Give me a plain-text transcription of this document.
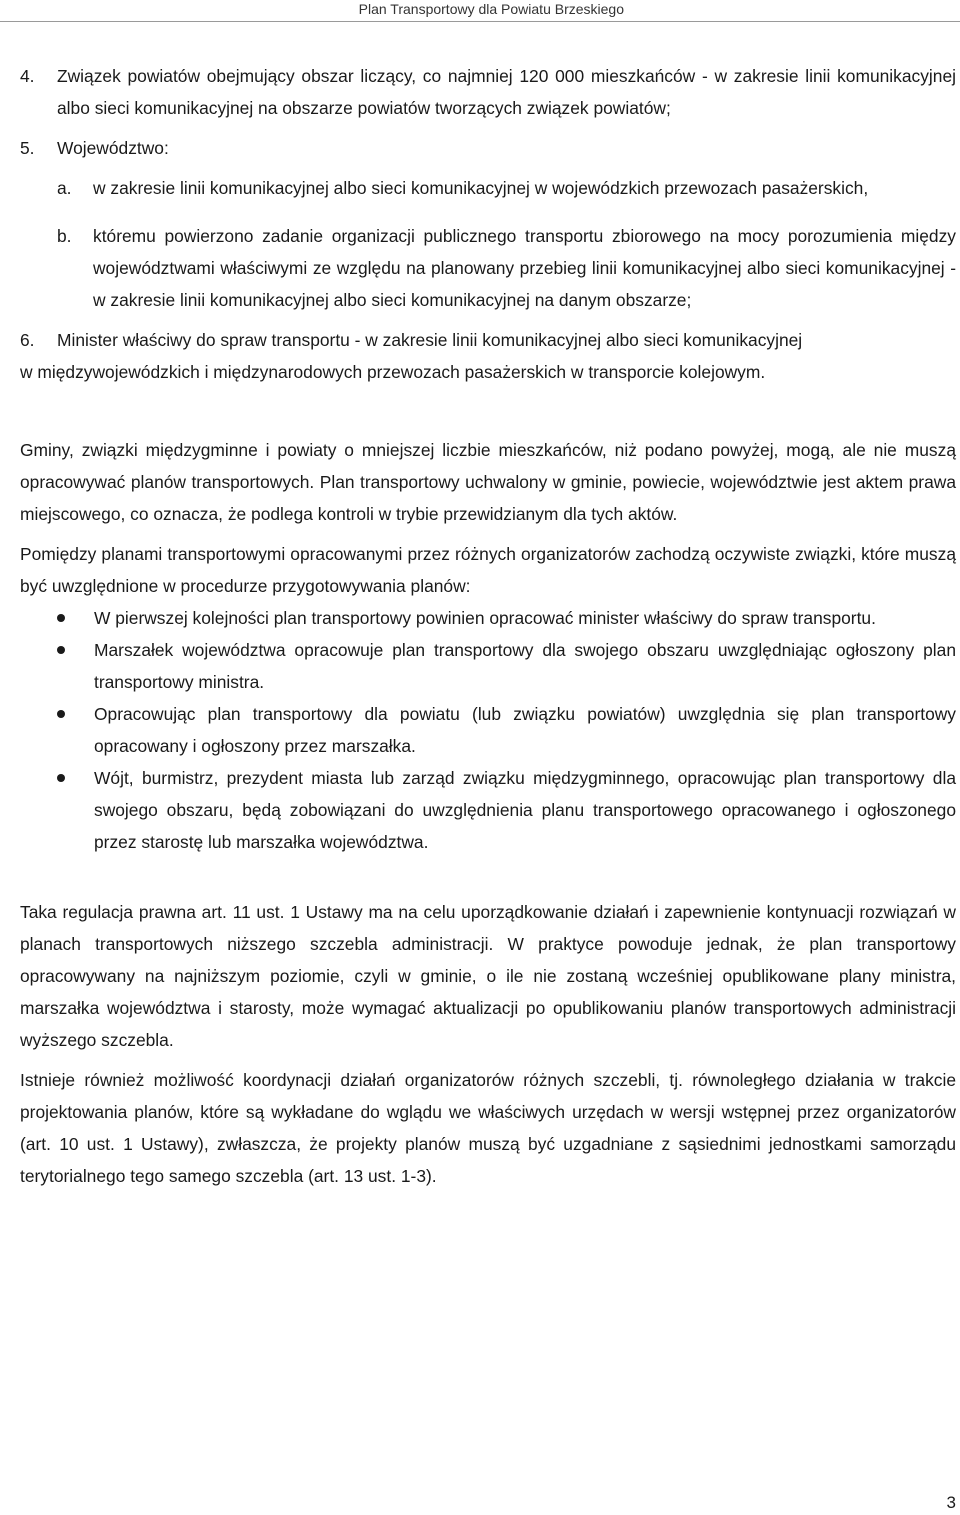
Plan Transportowy dla Powiatu Brzeskiego
4.	Związek powiatów obejmujący obszar liczący, co najmniej 120 000 mieszkańców - w zakresie linii komunikacyjnej albo sieci komunikacyjnej na obszarze powiatów tworzących związek powiatów;
5.	Województwo:
a.	w zakresie linii komunikacyjnej albo sieci komunikacyjnej w wojewódzkich przewozach pasażerskich,
b.	któremu powierzono zadanie organizacji publicznego transportu zbiorowego na mocy porozumienia między województwami właściwymi ze względu na planowany przebieg linii komunikacyjnej albo sieci komunikacyjnej - w zakresie linii komunikacyjnej albo sieci komunikacyjnej na danym obszarze;
6.	Minister właściwy do spraw transportu - w zakresie linii komunikacyjnej albo sieci komunikacyjnej

w międzywojewódzkich i międzynarodowych przewozach pasażerskich w transporcie kolejowym.

Gminy, związki międzygminne i powiaty o mniejszej liczbie mieszkańców, niż podano powyżej, mogą, ale nie muszą opracowywać planów transportowych. Plan transportowy uchwalony w gminie, powiecie, województwie jest aktem prawa miejscowego, co oznacza, że podlega kontroli w trybie przewidzianym dla tych aktów.

Pomiędzy planami transportowymi opracowanymi przez różnych organizatorów zachodzą oczywiste związki, które muszą być uwzględnione w procedurze przygotowywania planów:

W pierwszej kolejności plan transportowy powinien opracować minister właściwy do spraw transportu.
Marszałek województwa opracowuje plan transportowy dla swojego obszaru uwzględniając ogłoszony plan transportowy ministra.
Opracowując plan transportowy dla powiatu (lub związku powiatów) uwzględnia się plan transportowy opracowany i ogłoszony przez marszałka.
Wójt, burmistrz, prezydent miasta lub zarząd związku międzygminnego, opracowując plan transportowy dla swojego obszaru, będą zobowiązani do uwzględnienia planu transportowego opracowanego i ogłoszonego przez starostę lub marszałka województwa.

Taka regulacja prawna art. 11 ust. 1 Ustawy ma na celu uporządkowanie działań i zapewnienie kontynuacji rozwiązań w planach transportowych niższego szczebla administracji. W praktyce powoduje jednak, że plan transportowy opracowywany na najniższym poziomie, czyli w gminie, o ile nie zostaną wcześniej opublikowane plany ministra, marszałka województwa i starosty, może wymagać aktualizacji po opublikowaniu planów transportowych administracji wyższego szczebla.

Istnieje również możliwość koordynacji działań organizatorów różnych szczebli, tj. równoległego działania w trakcie projektowania planów, które są wykładane do wglądu we właściwych urzędach w wersji wstępnej przez organizatorów (art. 10 ust. 1 Ustawy), zwłaszcza, że projekty planów muszą być uzgadniane z sąsiednimi jednostkami samorządu terytorialnego tego samego szczebla (art. 13 ust. 1-3).

3
